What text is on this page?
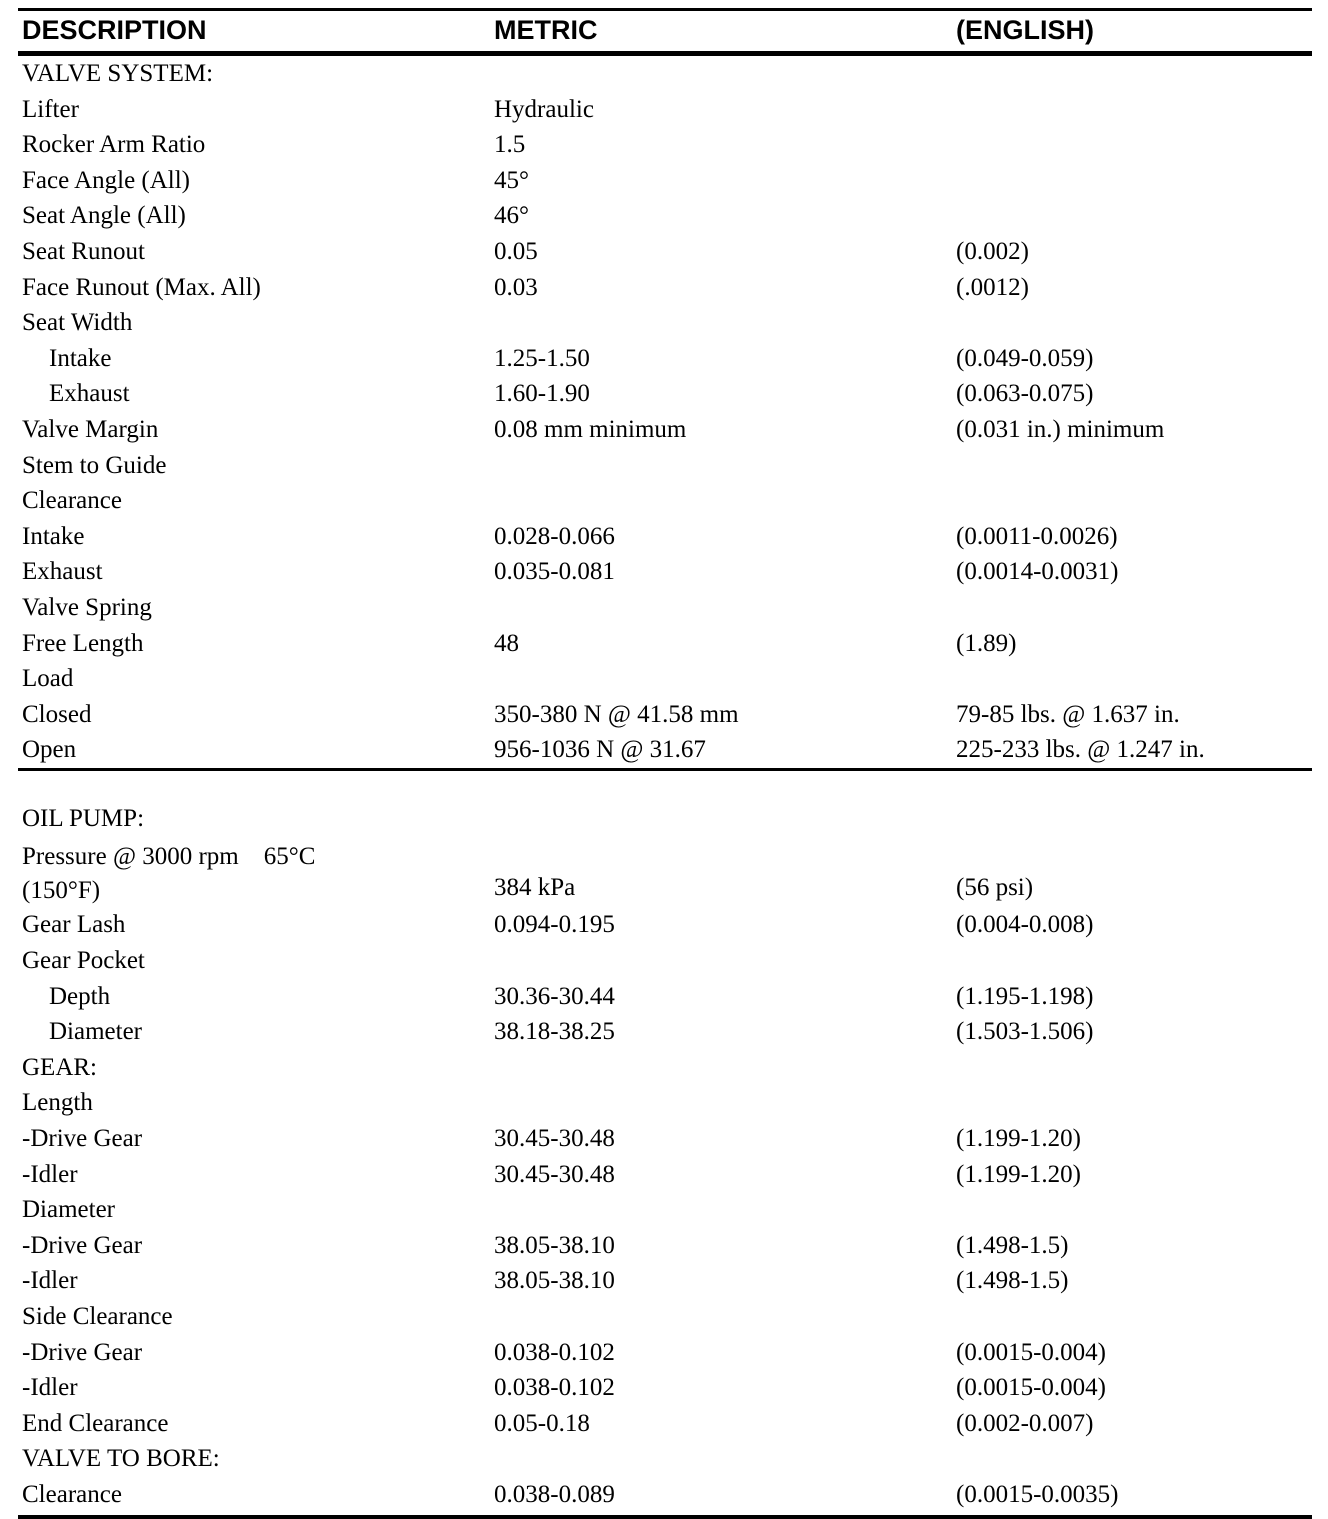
DESCRIPTION	METRIC	(ENGLISH)
VALVE SYSTEM:
Lifter	Hydraulic
Rocker Arm Ratio	1.5
Face Angle (All)	45°
Seat Angle (All)	46°
Seat Runout	0.05	(0.002)
Face Runout (Max. All)	0.03	(.0012)
Seat Width
Intake	1.25-1.50	(0.049-0.059)
Exhaust	1.60-1.90	(0.063-0.075)
Valve Margin	0.08 mm minimum	(0.031 in.) minimum
Stem to Guide
Clearance
Intake	0.028-0.066	(0.0011-0.0026)
Exhaust	0.035-0.081	(0.0014-0.0031)
Valve Spring
Free Length	48	(1.89)
Load
Closed	350-380 N @ 41.58 mm	79-85 lbs. @ 1.637 in.
Open	956-1036 N @ 31.67	225-233 lbs. @ 1.247 in.
OIL PUMP:
Pressure @ 3000 rpm    65°C
(150°F)	384 kPa	(56 psi)
Gear Lash	0.094-0.195	(0.004-0.008)
Gear Pocket
Depth	30.36-30.44	(1.195-1.198)
Diameter	38.18-38.25	(1.503-1.506)
GEAR:
Length
-Drive Gear	30.45-30.48	(1.199-1.20)
-Idler	30.45-30.48	(1.199-1.20)
Diameter
-Drive Gear	38.05-38.10	(1.498-1.5)
-Idler	38.05-38.10	(1.498-1.5)
Side Clearance
-Drive Gear	0.038-0.102	(0.0015-0.004)
-Idler	0.038-0.102	(0.0015-0.004)
End Clearance	0.05-0.18	(0.002-0.007)
VALVE TO BORE:
Clearance	0.038-0.089	(0.0015-0.0035)
